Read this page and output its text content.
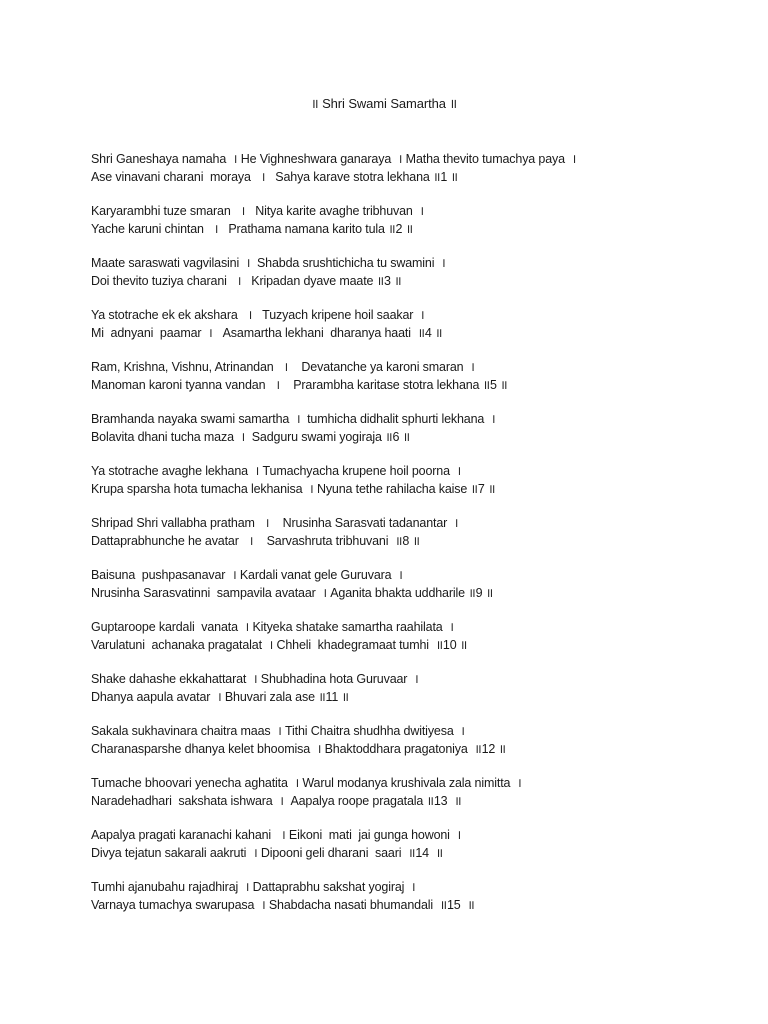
॥ Shri Swami Samartha ॥
Shri Ganeshaya namaha  । He Vighneshwara ganaraya  । Matha thevito tumachya paya  ।
Ase vinavani charani  moraya   ।   Sahya karave stotra lekhana ॥1 ॥
Karyarambhi tuze smaran   ।   Nitya karite avaghe tribhuvan  ।
Yache karuni chintan   ।   Prathama namana karito tula ॥2 ॥
Maate saraswati vagvilasini  ।  Shabda srushtichicha tu swamini  ।
Doi thevito tuziya charani   ।   Kripadan dyave maate ॥3 ॥
Ya stotrache ek ek akshara   ।   Tuzyach kripene hoil saakar  ।
Mi  adnyani  paamar  ।   Asamartha lekhani  dharanya haati  ॥4 ॥
Ram, Krishna, Vishnu, Atrinandan   ।    Devatanche ya karoni smaran  ।
Manoman karoni tyanna vandan   ।    Prarambha karitase stotra lekhana ॥5 ॥
Bramhanda nayaka swami samartha  ।  tumhicha didhalit sphurti lekhana  ।
Bolavita dhani tucha maza  ।  Sadguru swami yogiraja ॥6 ॥
Ya stotrache avaghe lekhana  । Tumachyacha krupene hoil poorna  ।
Krupa sparsha hota tumacha lekhanisa  । Nyuna tethe rahilacha kaise ॥7 ॥
Shripad Shri vallabha pratham   ।    Nrusinha Sarasvati tadanantar  ।
Dattaprabhunche he avatar   ।    Sarvashruta tribhuvani  ॥8 ॥
Baisuna  pushpasanavar  । Kardali vanat gele Guruvara  ।
Nrusinha Sarasvatinni  sampavila avataar  । Aganita bhakta uddharile ॥9 ॥
Guptaroope kardali  vanata  । Kityeka shatake samartha raahilata  ।
Varulatuni  achanaka pragatalat  । Chheli  khadegramaat tumhi  ॥10 ॥
Shake dahashe ekkahattarat  । Shubhadina hota Guruvaar  ।
Dhanya aapula avatar  । Bhuvari zala ase ॥11 ॥
Sakala sukhavinara chaitra maas  । Tithi Chaitra shudhha dwitiyesa  ।
Charanasparshe dhanya kelet bhoomisa  । Bhaktoddhara pragatoniya  ॥12 ॥
Tumache bhoovari yenecha aghatita  । Warul modanya krushivala zala nimitta  ।
Naradehadhari  sakshata ishwara  ।  Aapalya roope pragatala ॥13  ॥
Aapalya pragati karanachi kahani   । Eikoni  mati  jai gunga howoni  ।
Divya tejatun sakarali aakruti  । Dipooni geli dharani  saari  ॥14  ॥
Tumhi ajanubahu rajadhiraj  । Dattaprabhu sakshat yogiraj  ।
Varnaya tumachya swarupasa  । Shabdacha nasati bhumandali  ॥15  ॥
